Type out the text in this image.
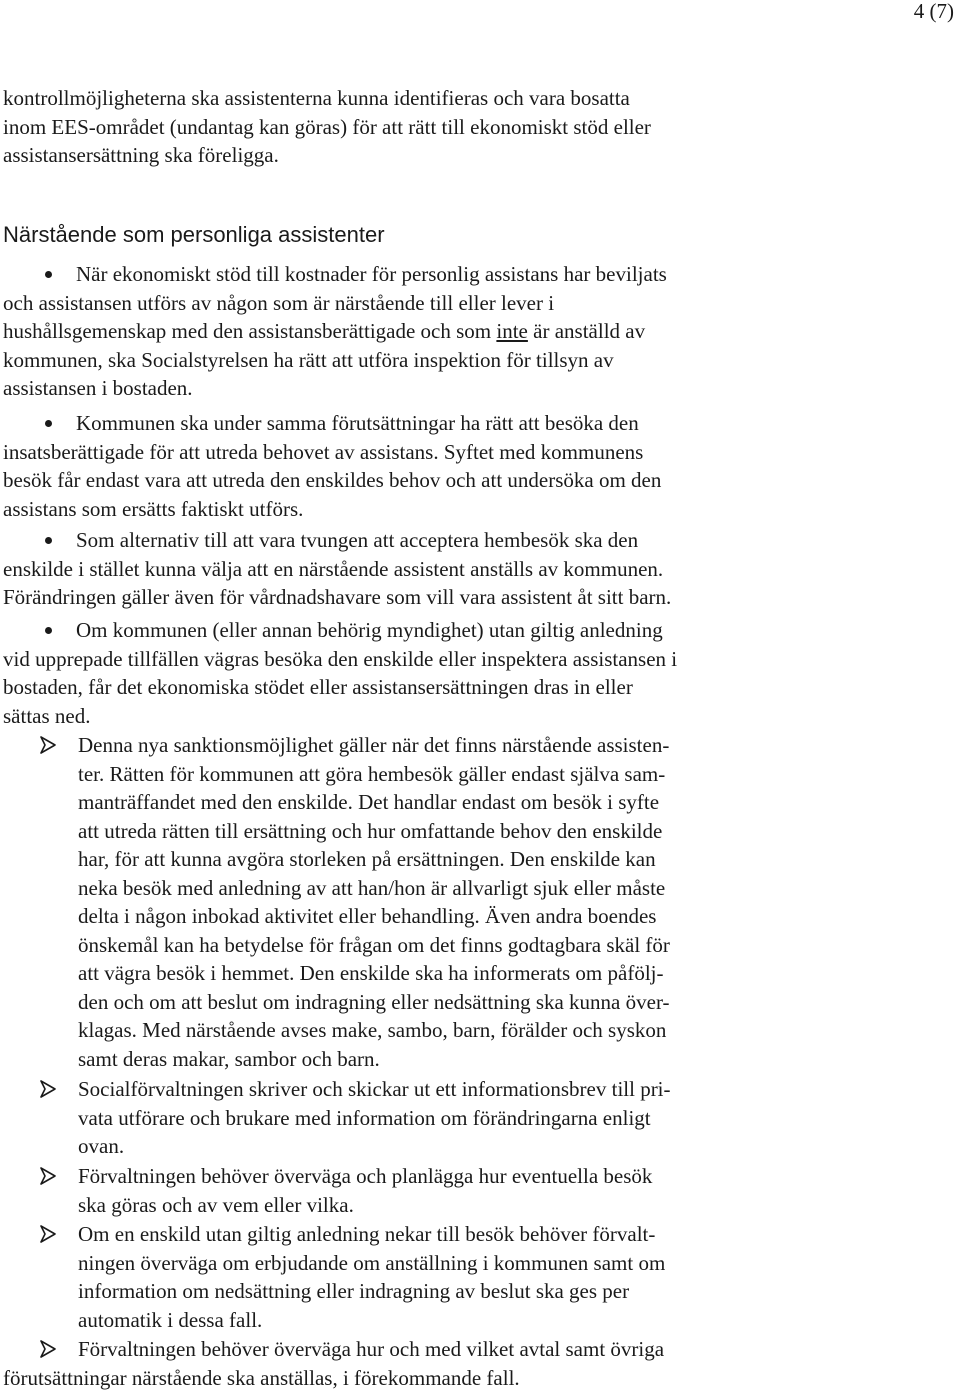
4 (7)

kontrollmöjligheterna ska assistenterna kunna identifieras och vara bosatta
inom EES-området (undantag kan göras) för att rätt till ekonomiskt stöd eller
assistansersättning ska föreligga.

Närstående som personliga assistenter
När ekonomiskt stöd till kostnader för personlig assistans har beviljats
och assistansen utförs av någon som är närstående till eller lever i
hushållsgemenskap med den assistansberättigade och som inte är anställd av
kommunen, ska Socialstyrelsen ha rätt att utföra inspektion för tillsyn av
assistansen i bostaden.
Kommunen ska under samma förutsättningar ha rätt att besöka den
insatsberättigade för att utreda behovet av assistans. Syftet med kommunens
besök får endast vara att utreda den enskildes behov och att undersöka om den
assistans som ersätts faktiskt utförs.
Som alternativ till att vara tvungen att acceptera hembesök ska den
enskilde i stället kunna välja att en närstående assistent anställs av kommunen.
Förändringen gäller även för vårdnadshavare som vill vara assistent åt sitt barn.
Om kommunen (eller annan behörig myndighet) utan giltig anledning
vid upprepade tillfällen vägras besöka den enskilde eller inspektera assistansen i
bostaden, får det ekonomiska stödet eller assistansersättningen dras in eller
sättas ned.
Denna nya sanktionsmöjlighet gäller när det finns närstående assisten-
ter. Rätten för kommunen att göra hembesök gäller endast själva sam-
manträffandet med den enskilde. Det handlar endast om besök i syfte
att utreda rätten till ersättning och hur omfattande behov den enskilde
har, för att kunna avgöra storleken på ersättningen. Den enskilde kan
neka besök med anledning av att han/hon är allvarligt sjuk eller måste
delta i någon inbokad aktivitet eller behandling. Även andra boendes
önskemål kan ha betydelse för frågan om det finns godtagbara skäl för
att vägra besök i hemmet. Den enskilde ska ha informerats om påfölj-
den och om att beslut om indragning eller nedsättning ska kunna över-
klagas. Med närstående avses make, sambo, barn, förälder och syskon
samt deras makar, sambor och barn.
Socialförvaltningen skriver och skickar ut ett informationsbrev till pri-
vata utförare och brukare med information om förändringarna enligt
ovan.
Förvaltningen behöver överväga och planlägga hur eventuella besök
ska göras och av vem eller vilka.
Om en enskild utan giltig anledning nekar till besök behöver förvalt-
ningen överväga om erbjudande om anställning i kommunen samt om
information om nedsättning eller indragning av beslut ska ges per
automatik i dessa fall.
Förvaltningen behöver överväga hur och med vilket avtal samt övriga
förutsättningar närstående ska anställas, i förekommande fall.
